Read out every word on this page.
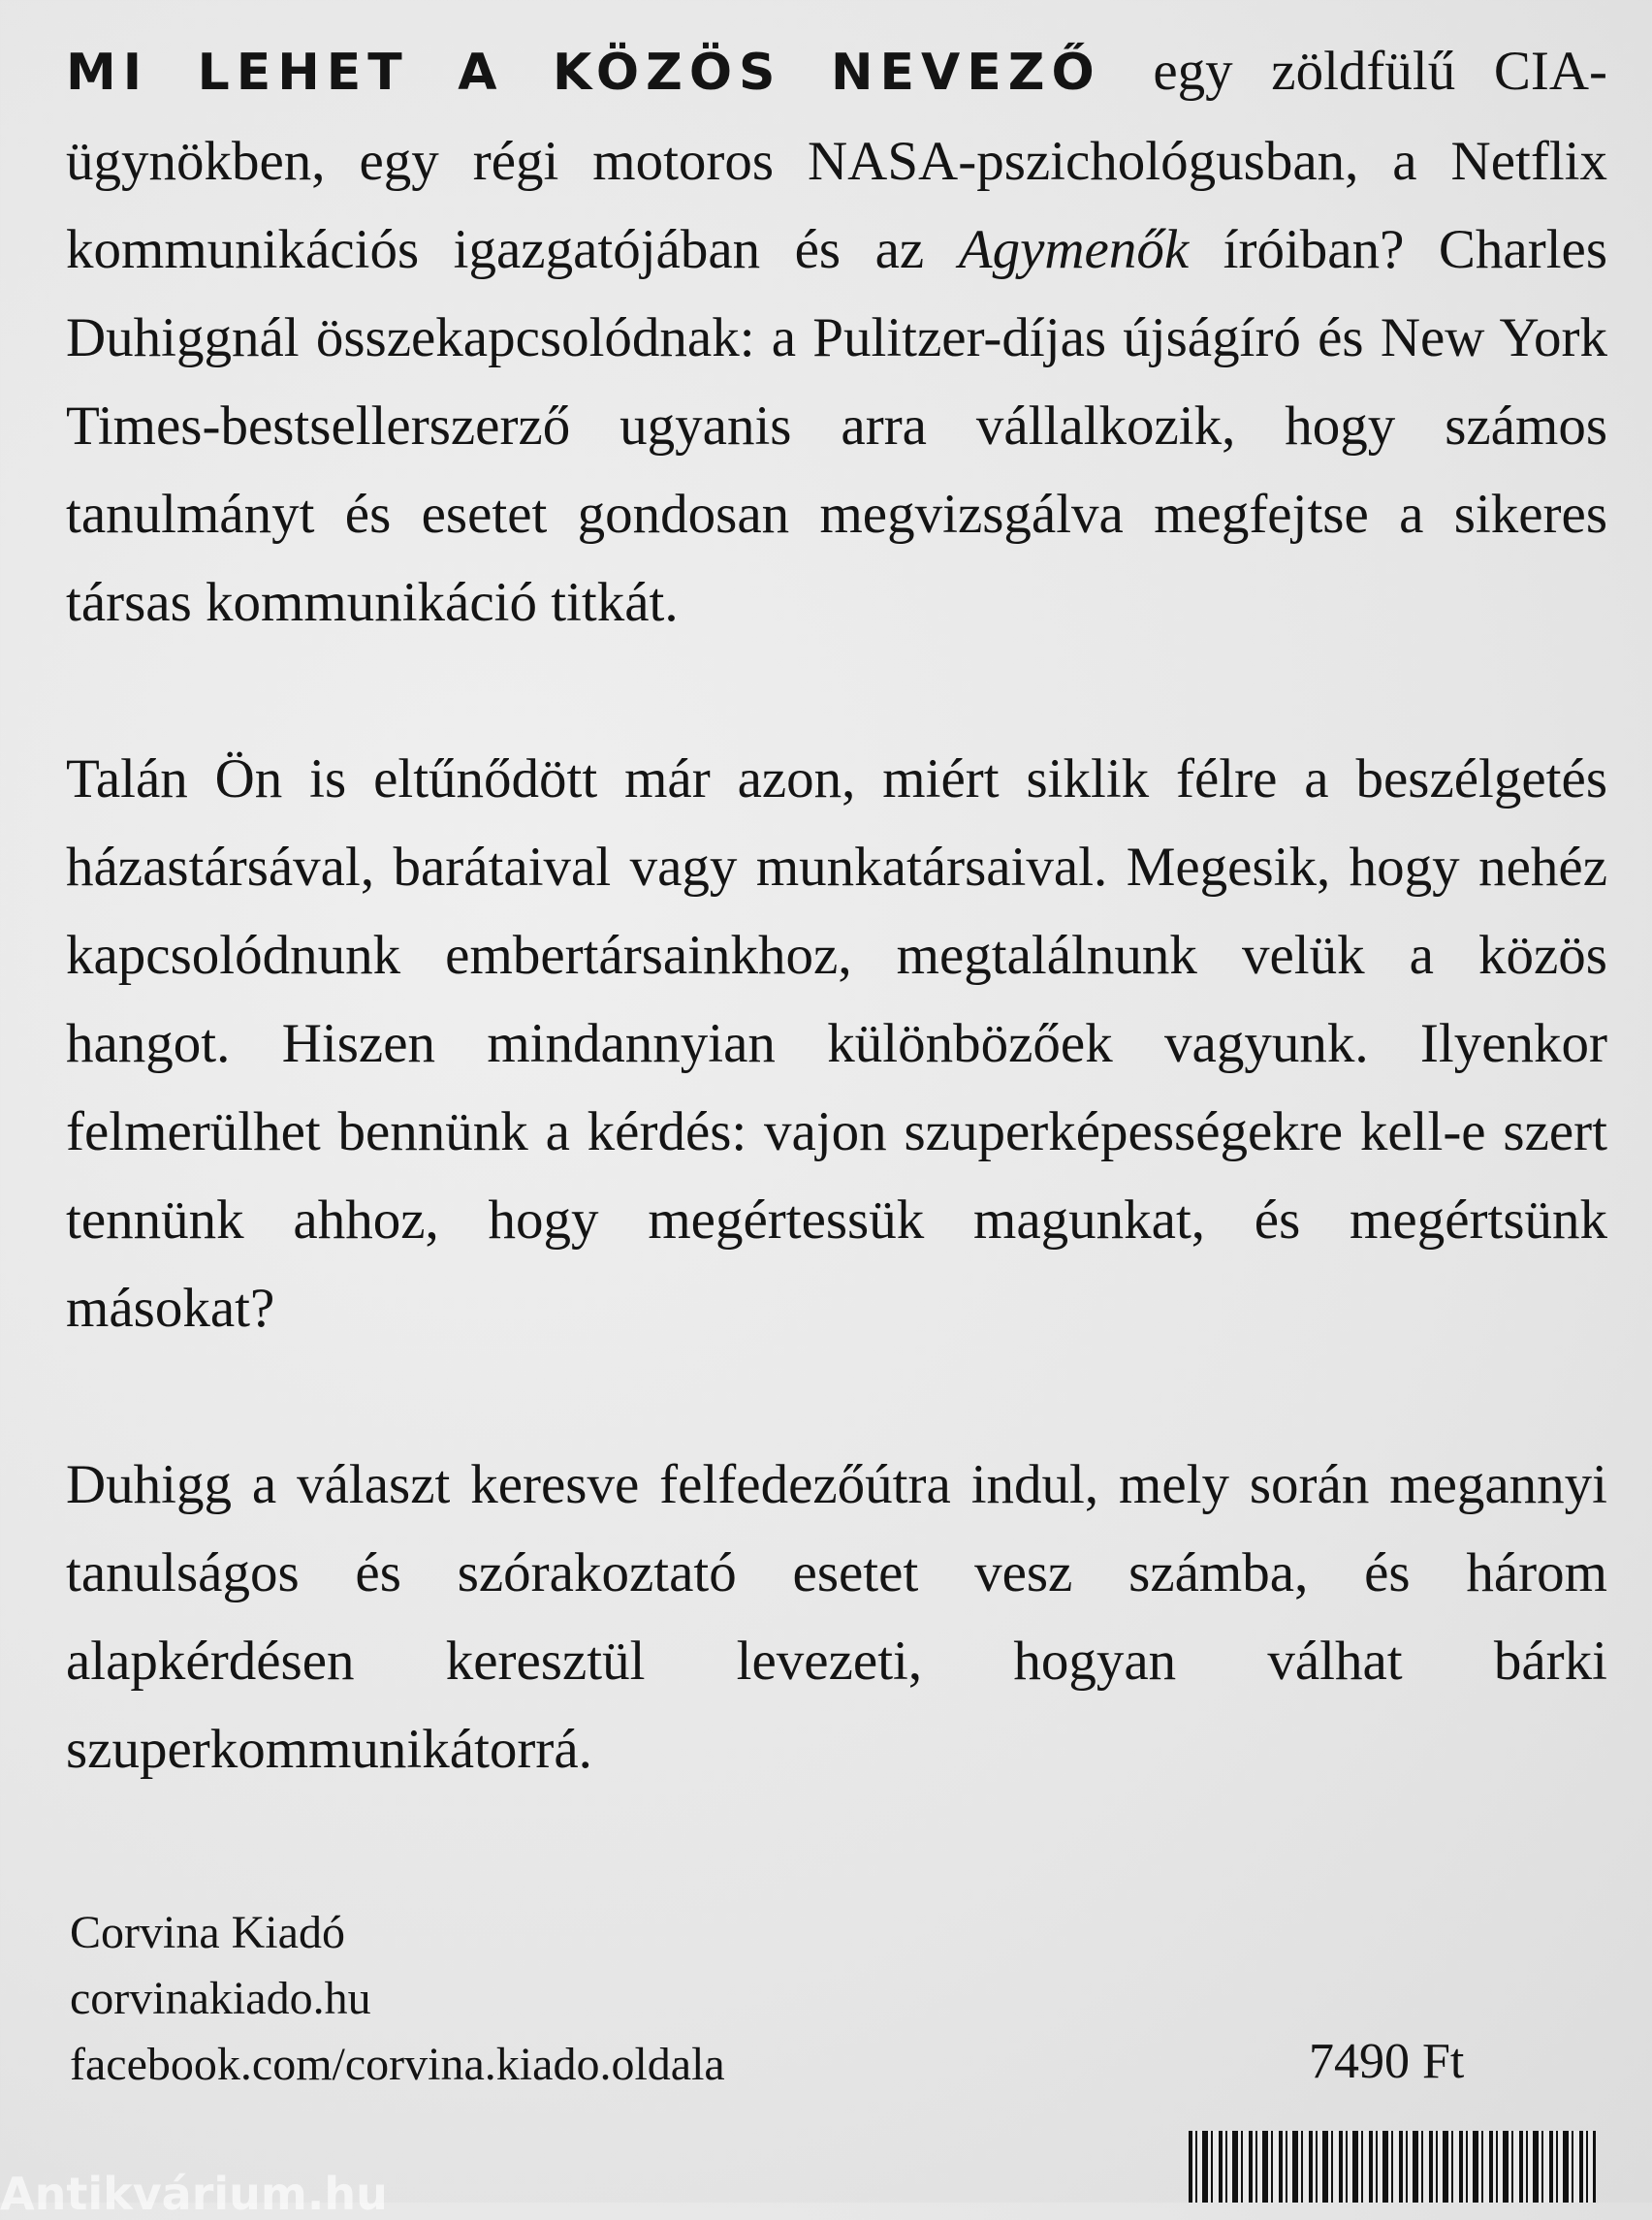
MI LEHET A KÖZÖS NEVEZŐ egy zöldfülű CIA-ügynökben, egy régi motoros NASA-pszichológusban, a Netflix kommunikációs igazgatójában és az Agymenők íróiban? Charles Duhiggnál összekapcsolódnak: a Pulitzer-díjas újságíró és New York Times-bestsellerszerző ugyanis arra vállalkozik, hogy számos tanulmányt és esetet gondosan megvizsgálva megfejtse a sikeres társas kommunikáció titkát.

Talán Ön is eltűnődött már azon, miért siklik félre a beszélgetés házastársával, barátaival vagy munkatársaival. Megesik, hogy nehéz kapcsolódnunk embertársainkhoz, megtalálnunk velük a közös hangot. Hiszen mindannyian különbözőek vagyunk. Ilyenkor felmerülhet bennünk a kérdés: vajon szuperképességekre kell-e szert tennünk ahhoz, hogy megértessük magunkat, és megértsünk másokat?

Duhigg a választ keresve felfedezőútra indul, mely során megannyi tanulságos és szórakoztató esetet vesz számba, és három alapkérdésen keresztül levezeti, hogyan válhat bárki szuperkommunikátorrá.

Corvina Kiadó
corvinakiado.hu
facebook.com/corvina.kiado.oldala	7490 Ft
Antikvárium.hu
